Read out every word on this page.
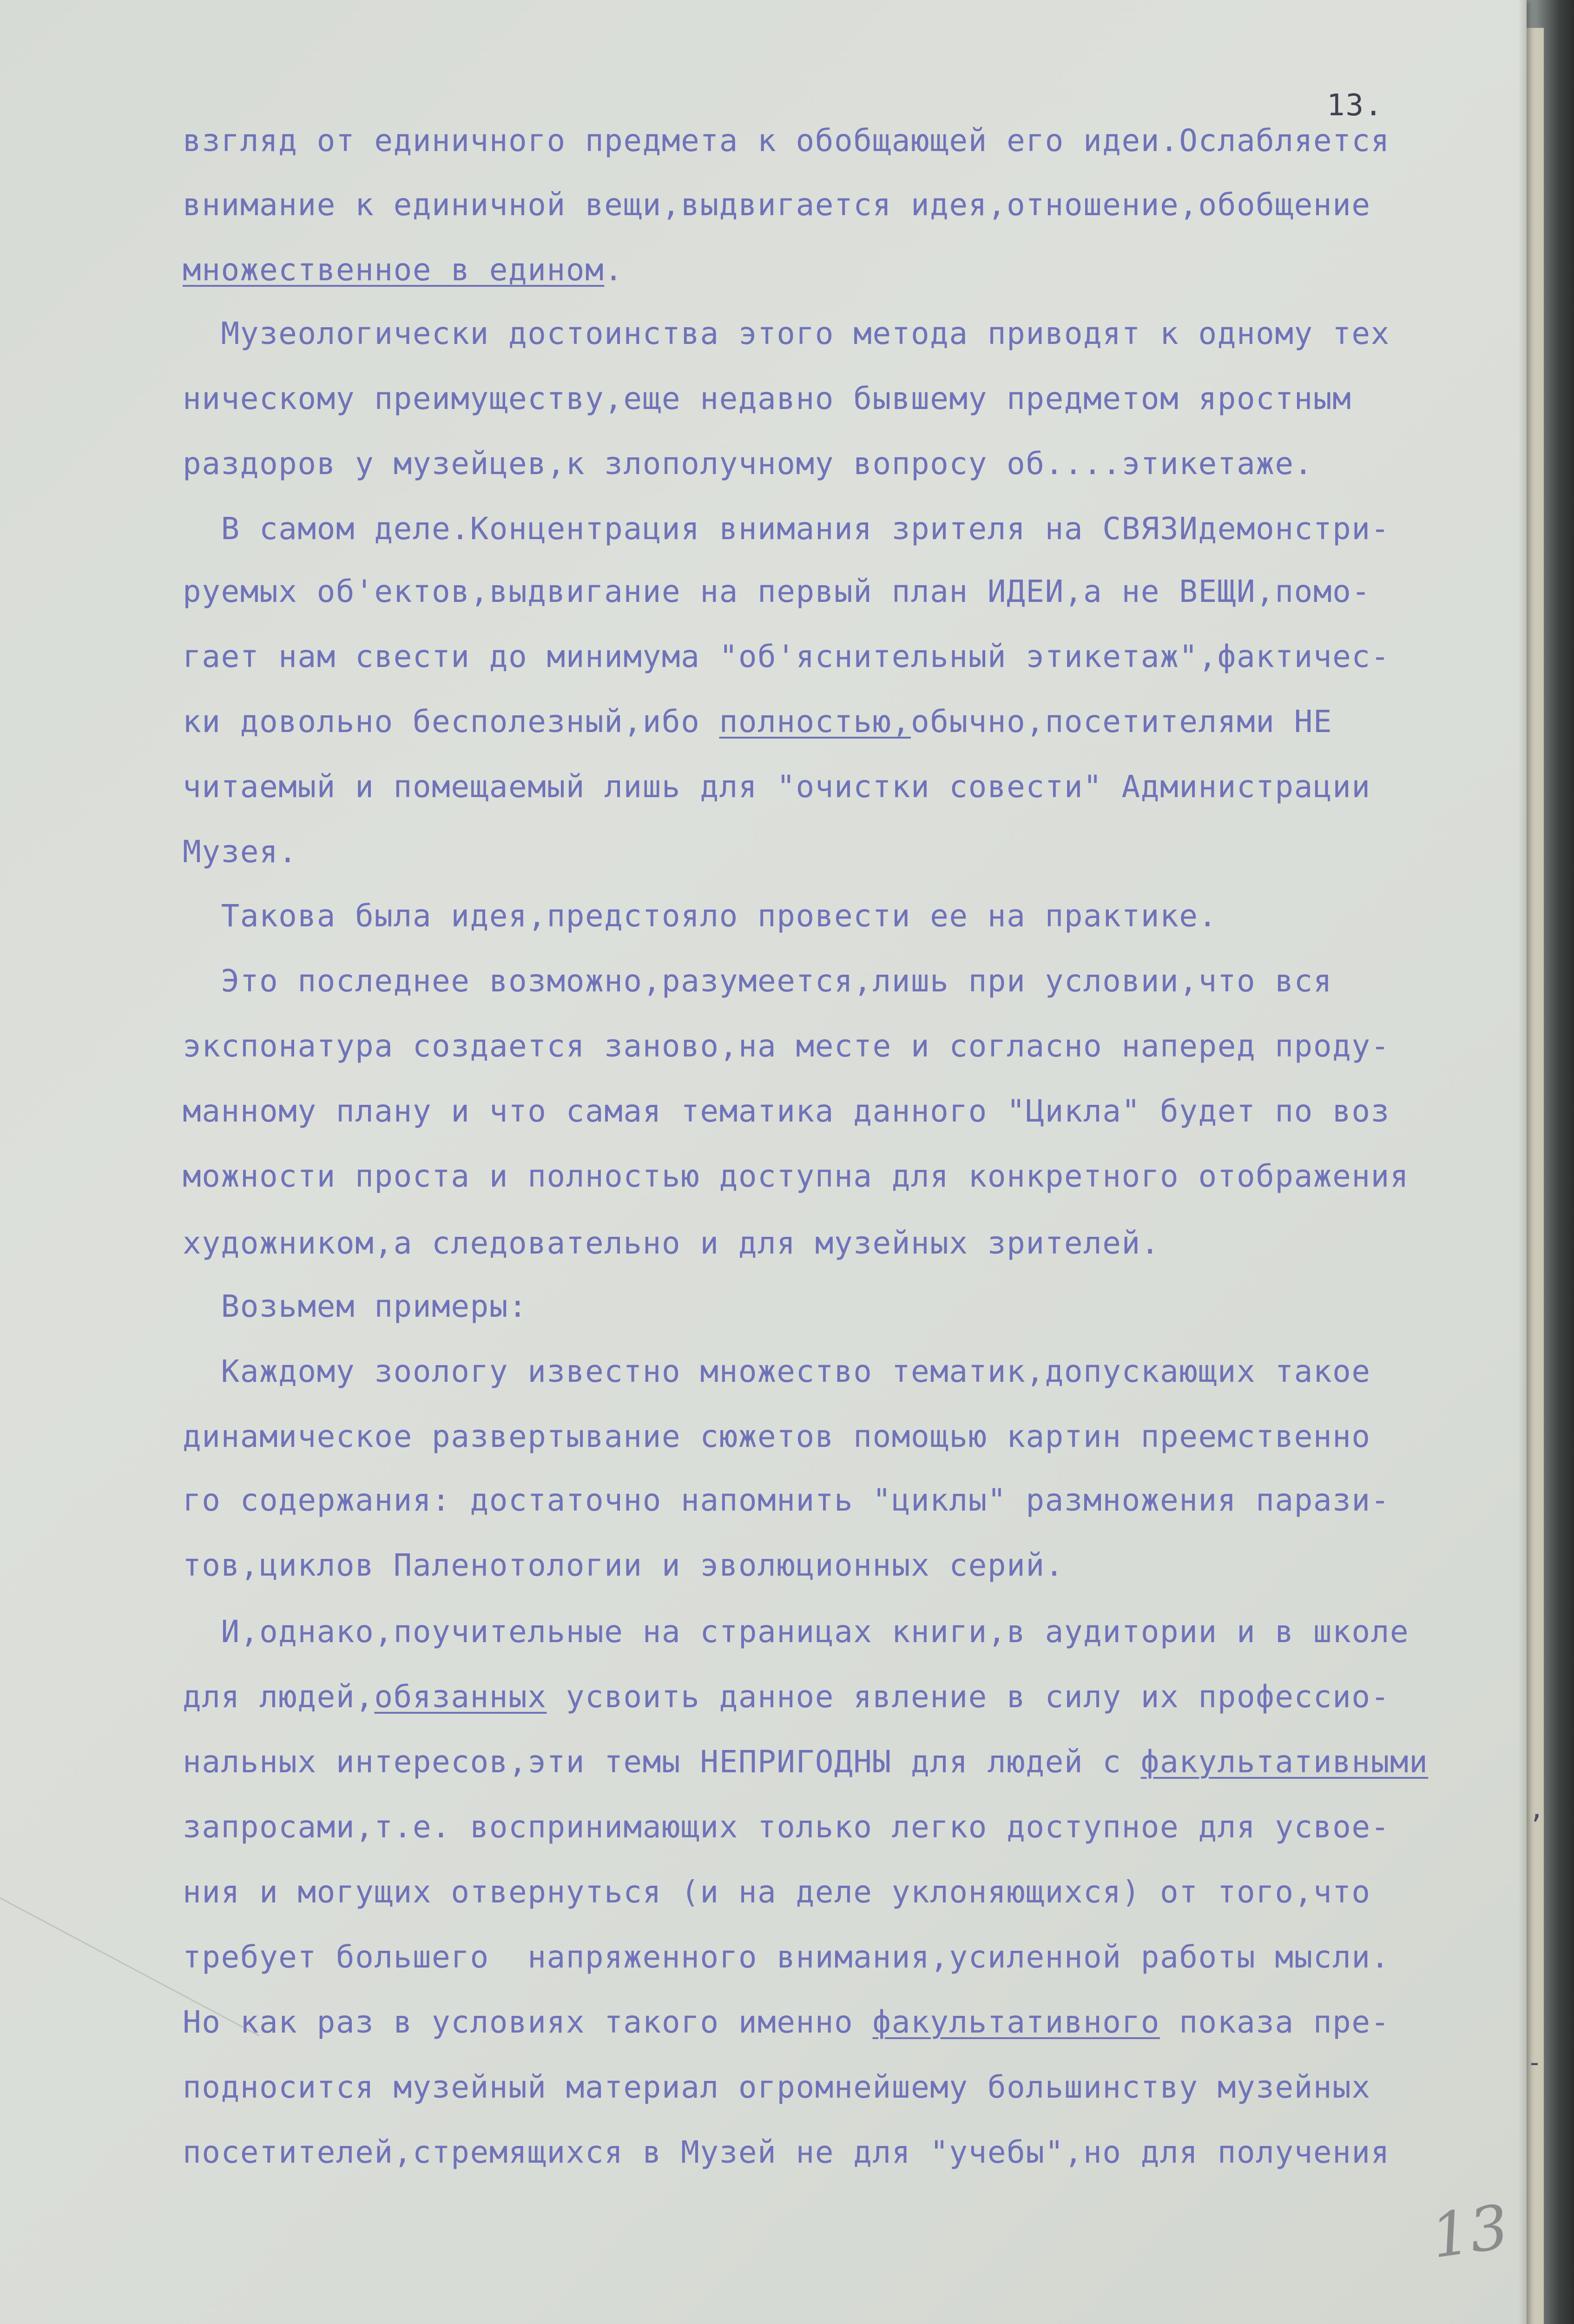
13.
взгляд от единичного предмета к обобщающей его идеи.Ослабляется
внимание к единичной вещи,выдвигается идея,отношение,обобщение
множественное в едином.
Музеологически достоинства этого метода приводят к одному тех
ническому преимуществу,еще недавно бывшему предметом яростным
раздоров у музейцев,к злополучному вопросу об....этикетаже.
В самом деле.Концентрация внимания зрителя на СВЯЗИдемонстри-
руемых об'ектов,выдвигание на первый план ИДЕИ,а не ВЕЩИ,помо-
гает нам свести до минимума "об'яснительный этикетаж",фактичес-
ки довольно бесполезный,ибо полностью,обычно,посетителями НЕ
читаемый и помещаемый лишь для "очистки совести" Администрации
Музея.
Такова была идея,предстояло провести ее на практике.
Это последнее возможно,разумеется,лишь при условии,что вся
экспонатура создается заново,на месте и согласно наперед проду-
манному плану и что самая тематика данного "Цикла" будет по воз
можности проста и полностью доступна для конкретного отображения
художником,а следовательно и для музейных зрителей.
Возьмем примеры:
Каждому зоологу известно множество тематик,допускающих такое
динамическое развертывание сюжетов помощью картин преемственно
го содержания: достаточно напомнить "циклы" размножения парази-
тов,циклов Паленотологии и эволюционных серий.
И,однако,поучительные на страницах книги,в аудитории и в школе
для людей,обязанных усвоить данное явление в силу их профессио-
нальных интересов,эти темы НЕПРИГОДНЫ для людей с факультативными
запросами,т.е. воспринимающих только легко доступное для усвое-
ния и могущих отвернуться (и на деле уклоняющихся) от того,что
требует большего  напряженного внимания,усиленной работы мысли.
Но как раз в условиях такого именно факультативного показа пре-
подносится музейный материал огромнейшему большинству музейных
посетителей,стремящихся в Музей не для "учебы",но для получения
,
-
13
